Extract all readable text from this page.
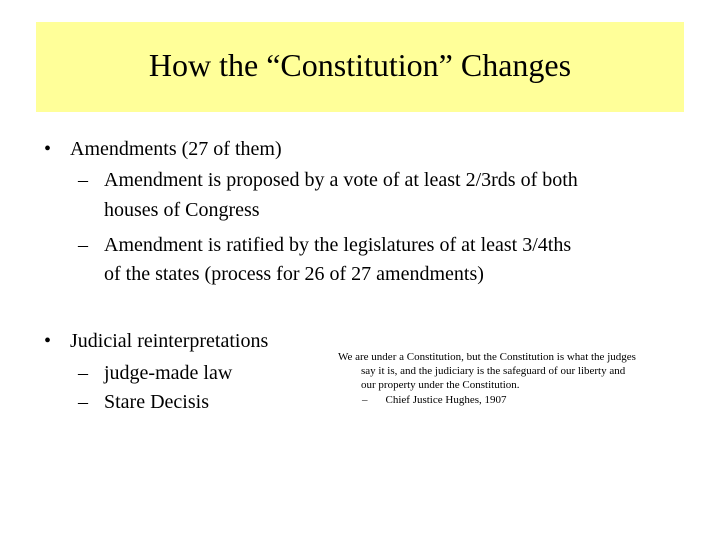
How the “Constitution” Changes
• Amendments (27 of them)
– Amendment is proposed by a vote of at least 2/3rds of both
houses of Congress
– Amendment is ratified by the legislatures of at least 3/4ths
of the states (process for 26 of 27 amendments)
• Judicial reinterpretations
– judge-made law
– Stare Decisis
We are under a Constitution, but the Constitution is what the judges say it is, and the judiciary is the safeguard of our liberty and our property under the Constitution.
– Chief Justice Hughes, 1907
